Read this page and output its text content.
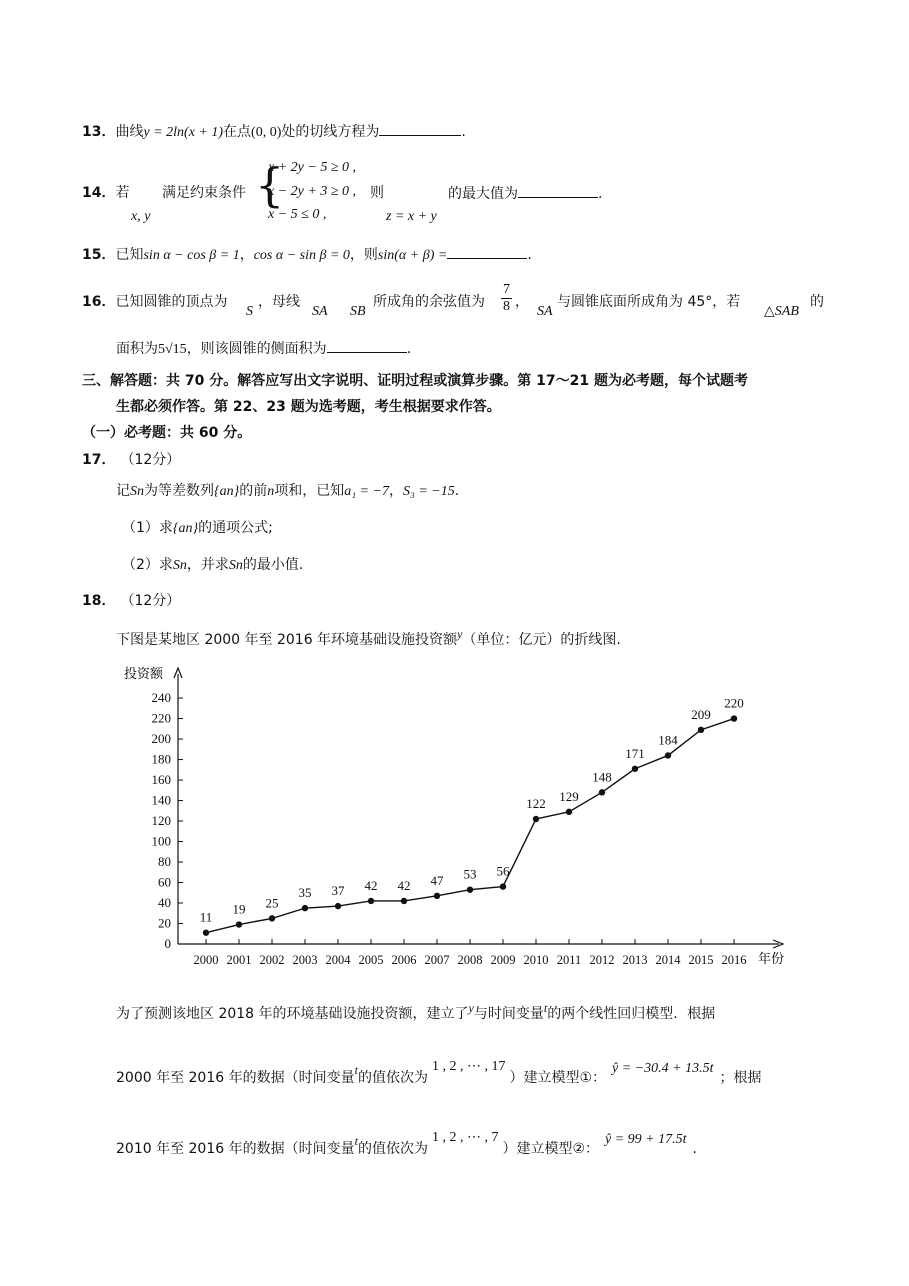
13．曲线y = 2ln(x + 1)在点(0, 0)处的切线方程为	.
14．若
x, y
满足约束条件 {
x + 2y − 5 ≥ 0 ,
x − 2y + 3 ≥ 0 ,
x − 5 ≤ 0 ,
则
z = x + y
的最大值为	.
15．已知sin α − cos β = 1，cos α − sin β = 0，则sin(α + β) =	.
16．已知圆锥的顶点为
S
，母线
SA SB
所成角的余弦值为 $\frac{7}{8}$ ，
SA
与圆锥底面所成角为 45°，若
△SAB
的
面积为5√15，则该圆锥的侧面积为	.
三、解答题：共 70 分。解答应写出文字说明、证明过程或演算步骤。第 17～21 题为必考题，每个试题考
生都必须作答。第 22、23 题为选考题，考生根据要求作答。
（一）必考题：共 60 分。
17． （12分）
记Sn为等差数列{an}的前n项和，已知a₁ = −7，S₃ = −15.
（1）求{an}的通项公式;
（2）求Sn，并求Sn的最小值.
18． （12分）
下图是某地区 2000 年至 2016 年环境基础设施投资额y（单位：亿元）的折线图.
0
20
40
60
80
100
120
140
160
180
200
220
240
2000 2001 2002 2003 2004 2005 2006 2007 2008 2009 2010 2011 2012 2013 2014 2015 2016
11
19 25
35 37 42 42 47 53 56
122 129
148
171
184
209
220
投资额
年份
为了预测该地区 2018 年的环境基础设施投资额，建立了y与时间变量t的两个线性回归模型．根据
2000 年至 2016 年的数据（时间变量t的值依次为1 , 2 , ⋯ , 17）建立模型①：ŷ = −30.4 + 13.5t；根据
2010 年至 2016 年的数据（时间变量t的值依次为1 , 2 , ⋯ , 7）建立模型②：ŷ = 99 + 17.5t.
